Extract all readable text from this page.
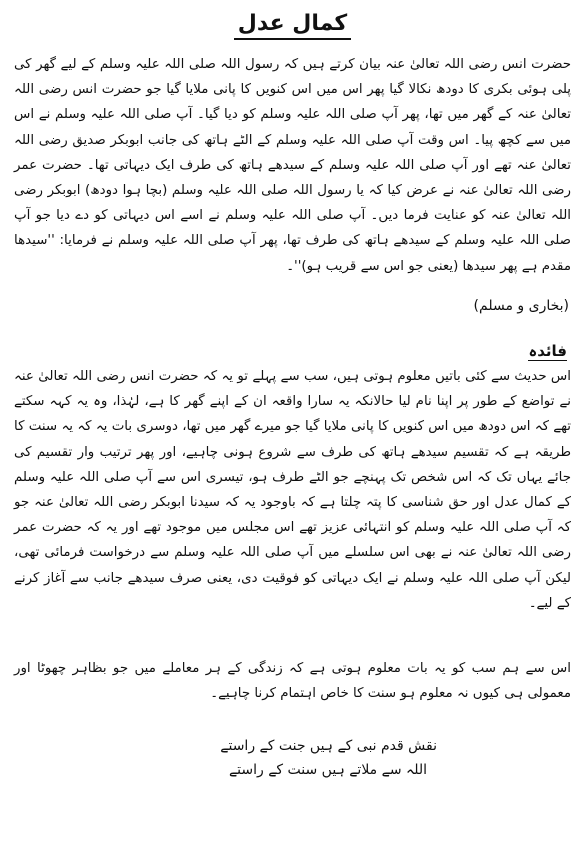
کمال عدل
حضرت انس رضی اللہ تعالیٰ عنہ بیان کرتے ہیں کہ رسول اللہ صلی اللہ علیہ وسلم کے لیے گھر کی پلی ہوئی بکری کا دودھ نکالا گیا پھر اس میں اس کنویں کا پانی ملایا گیا جو حضرت انس رضی اللہ تعالیٰ عنہ کے گھر میں تھا، پھر آپ صلی اللہ علیہ وسلم کو دیا گیا۔ آپ صلی اللہ علیہ وسلم نے اس میں سے کچھ پیا۔ اس وقت آپ صلی اللہ علیہ وسلم کے الٹے ہاتھ کی جانب ابوبکر صدیق رضی اللہ تعالیٰ عنہ تھے اور آپ صلی اللہ علیہ وسلم کے سیدھے ہاتھ کی طرف ایک دیہاتی تھا۔ حضرت عمر رضی اللہ تعالیٰ عنہ نے عرض کیا کہ یا رسول اللہ صلی اللہ علیہ وسلم (بچا ہوا دودھ) ابوبکر رضی اللہ تعالیٰ عنہ کو عنایت فرما دیں۔ آپ صلی اللہ علیہ وسلم نے اسے اس دیہاتی کو دے دیا جو آپ صلی اللہ علیہ وسلم کے سیدھے ہاتھ کی طرف تھا، پھر آپ صلی اللہ علیہ وسلم نے فرمایا: ''سیدھا مقدم ہے پھر سیدھا (یعنی جو اس سے قریب ہو)''۔
(بخاری و مسلم)
فائدہ
اس حدیث سے کئی باتیں معلوم ہوتی ہیں، سب سے پہلے تو یہ کہ حضرت انس رضی اللہ تعالیٰ عنہ نے تواضع کے طور پر اپنا نام لیا حالانکہ یہ سارا واقعہ ان کے اپنے گھر کا ہے، لہٰذا، وہ یہ کہہ سکتے تھے کہ اس دودھ میں اس کنویں کا پانی ملایا گیا جو میرے گھر میں تھا، دوسری بات یہ کہ یہ سنت کا طریقہ ہے کہ تقسیم سیدھے ہاتھ کی طرف سے شروع ہونی چاہیے، اور پھر ترتیب وار تقسیم کی جائے یہاں تک کہ اس شخص تک پہنچے جو الٹے طرف ہو، تیسری اس سے آپ صلی اللہ علیہ وسلم کے کمال عدل اور حق شناسی کا پتہ چلتا ہے کہ باوجود یہ کہ سیدنا ابوبکر رضی اللہ تعالیٰ عنہ جو کہ آپ صلی اللہ علیہ وسلم کو انتہائی عزیز تھے اس مجلس میں موجود تھے اور یہ کہ حضرت عمر رضی اللہ تعالیٰ عنہ نے بھی اس سلسلے میں آپ صلی اللہ علیہ وسلم سے درخواست فرمائی تھی، لیکن آپ صلی اللہ علیہ وسلم نے ایک دیہاتی کو فوقیت دی، یعنی صرف سیدھے جانب سے آغاز کرنے کے لیے۔
اس سے ہم سب کو یہ بات معلوم ہوتی ہے کہ زندگی کے ہر معاملے میں جو بظاہر چھوٹا اور معمولی ہی کیوں نہ معلوم ہو سنت کا خاص اہتمام کرنا چاہیے۔
نقش قدم نبی کے ہیں جنت کے راستے
اللہ سے ملاتے ہیں سنت کے راستے
